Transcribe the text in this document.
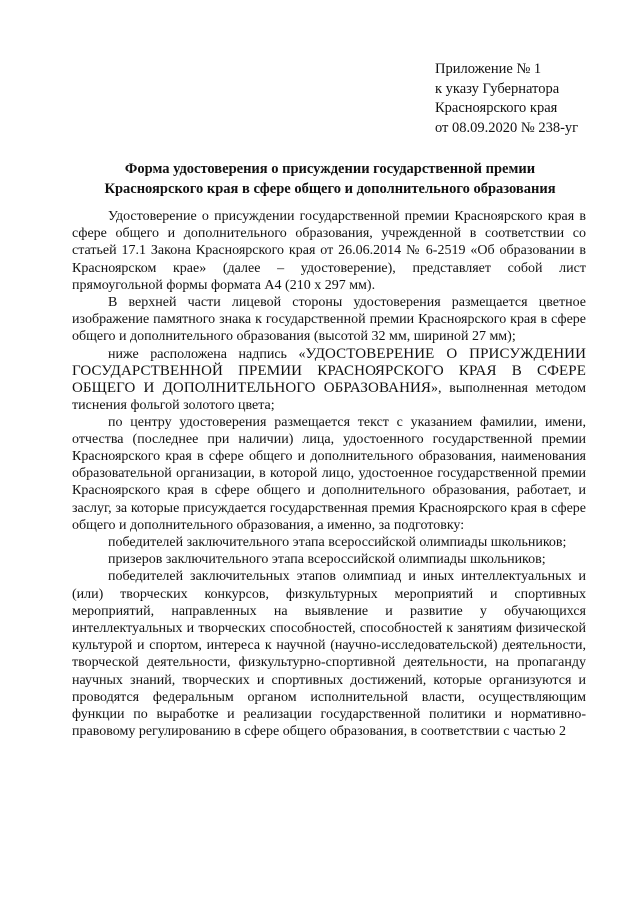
Приложение № 1
к указу Губернатора
Красноярского края
от 08.09.2020 № 238-уг
Форма удостоверения о присуждении государственной премии
Красноярского края в сфере общего и дополнительного образования

Удостоверение о присуждении государственной премии Красноярского края в сфере общего и дополнительного образования, учрежденной в соответствии со статьей 17.1 Закона Красноярского края от 26.06.2014 № 6-2519 «Об образовании в Красноярском крае» (далее – удостоверение), представляет собой лист прямоугольной формы формата А4 (210 х 297 мм).

В верхней части лицевой стороны удостоверения размещается цветное изображение памятного знака к государственной премии Красноярского края в сфере общего и дополнительного образования (высотой 32 мм, шириной 27 мм);

ниже расположена надпись «УДОСТОВЕРЕНИЕ О ПРИСУЖДЕНИИ ГОСУДАРСТВЕННОЙ ПРЕМИИ КРАСНОЯРСКОГО КРАЯ В СФЕРЕ ОБЩЕГО И ДОПОЛНИТЕЛЬНОГО ОБРАЗОВАНИЯ», выполненная методом тиснения фольгой золотого цвета;

по центру удостоверения размещается текст с указанием фамилии, имени, отчества (последнее при наличии) лица, удостоенного государственной премии Красноярского края в сфере общего и дополнительного образования, наименования образовательной организации, в которой лицо, удостоенное государственной премии Красноярского края в сфере общего и дополнительного образования, работает, и заслуг, за которые присуждается государственная премия Красноярского края в сфере общего и дополнительного образования, а именно, за подготовку:

победителей заключительного этапа всероссийской олимпиады школьников;

призеров заключительного этапа всероссийской олимпиады школьников;

победителей заключительных этапов олимпиад и иных интеллектуальных и (или) творческих конкурсов, физкультурных мероприятий и спортивных мероприятий, направленных на выявление и развитие у обучающихся интеллектуальных и творческих способностей, способностей к занятиям физической культурой и спортом, интереса к научной (научно-исследовательской) деятельности, творческой деятельности, физкультурно-спортивной деятельности, на пропаганду научных знаний, творческих и спортивных достижений, которые организуются и проводятся федеральным органом исполнительной власти, осуществляющим функции по выработке и реализации государственной политики и нормативно-правовому регулированию в сфере общего образования, в соответствии с частью 2
